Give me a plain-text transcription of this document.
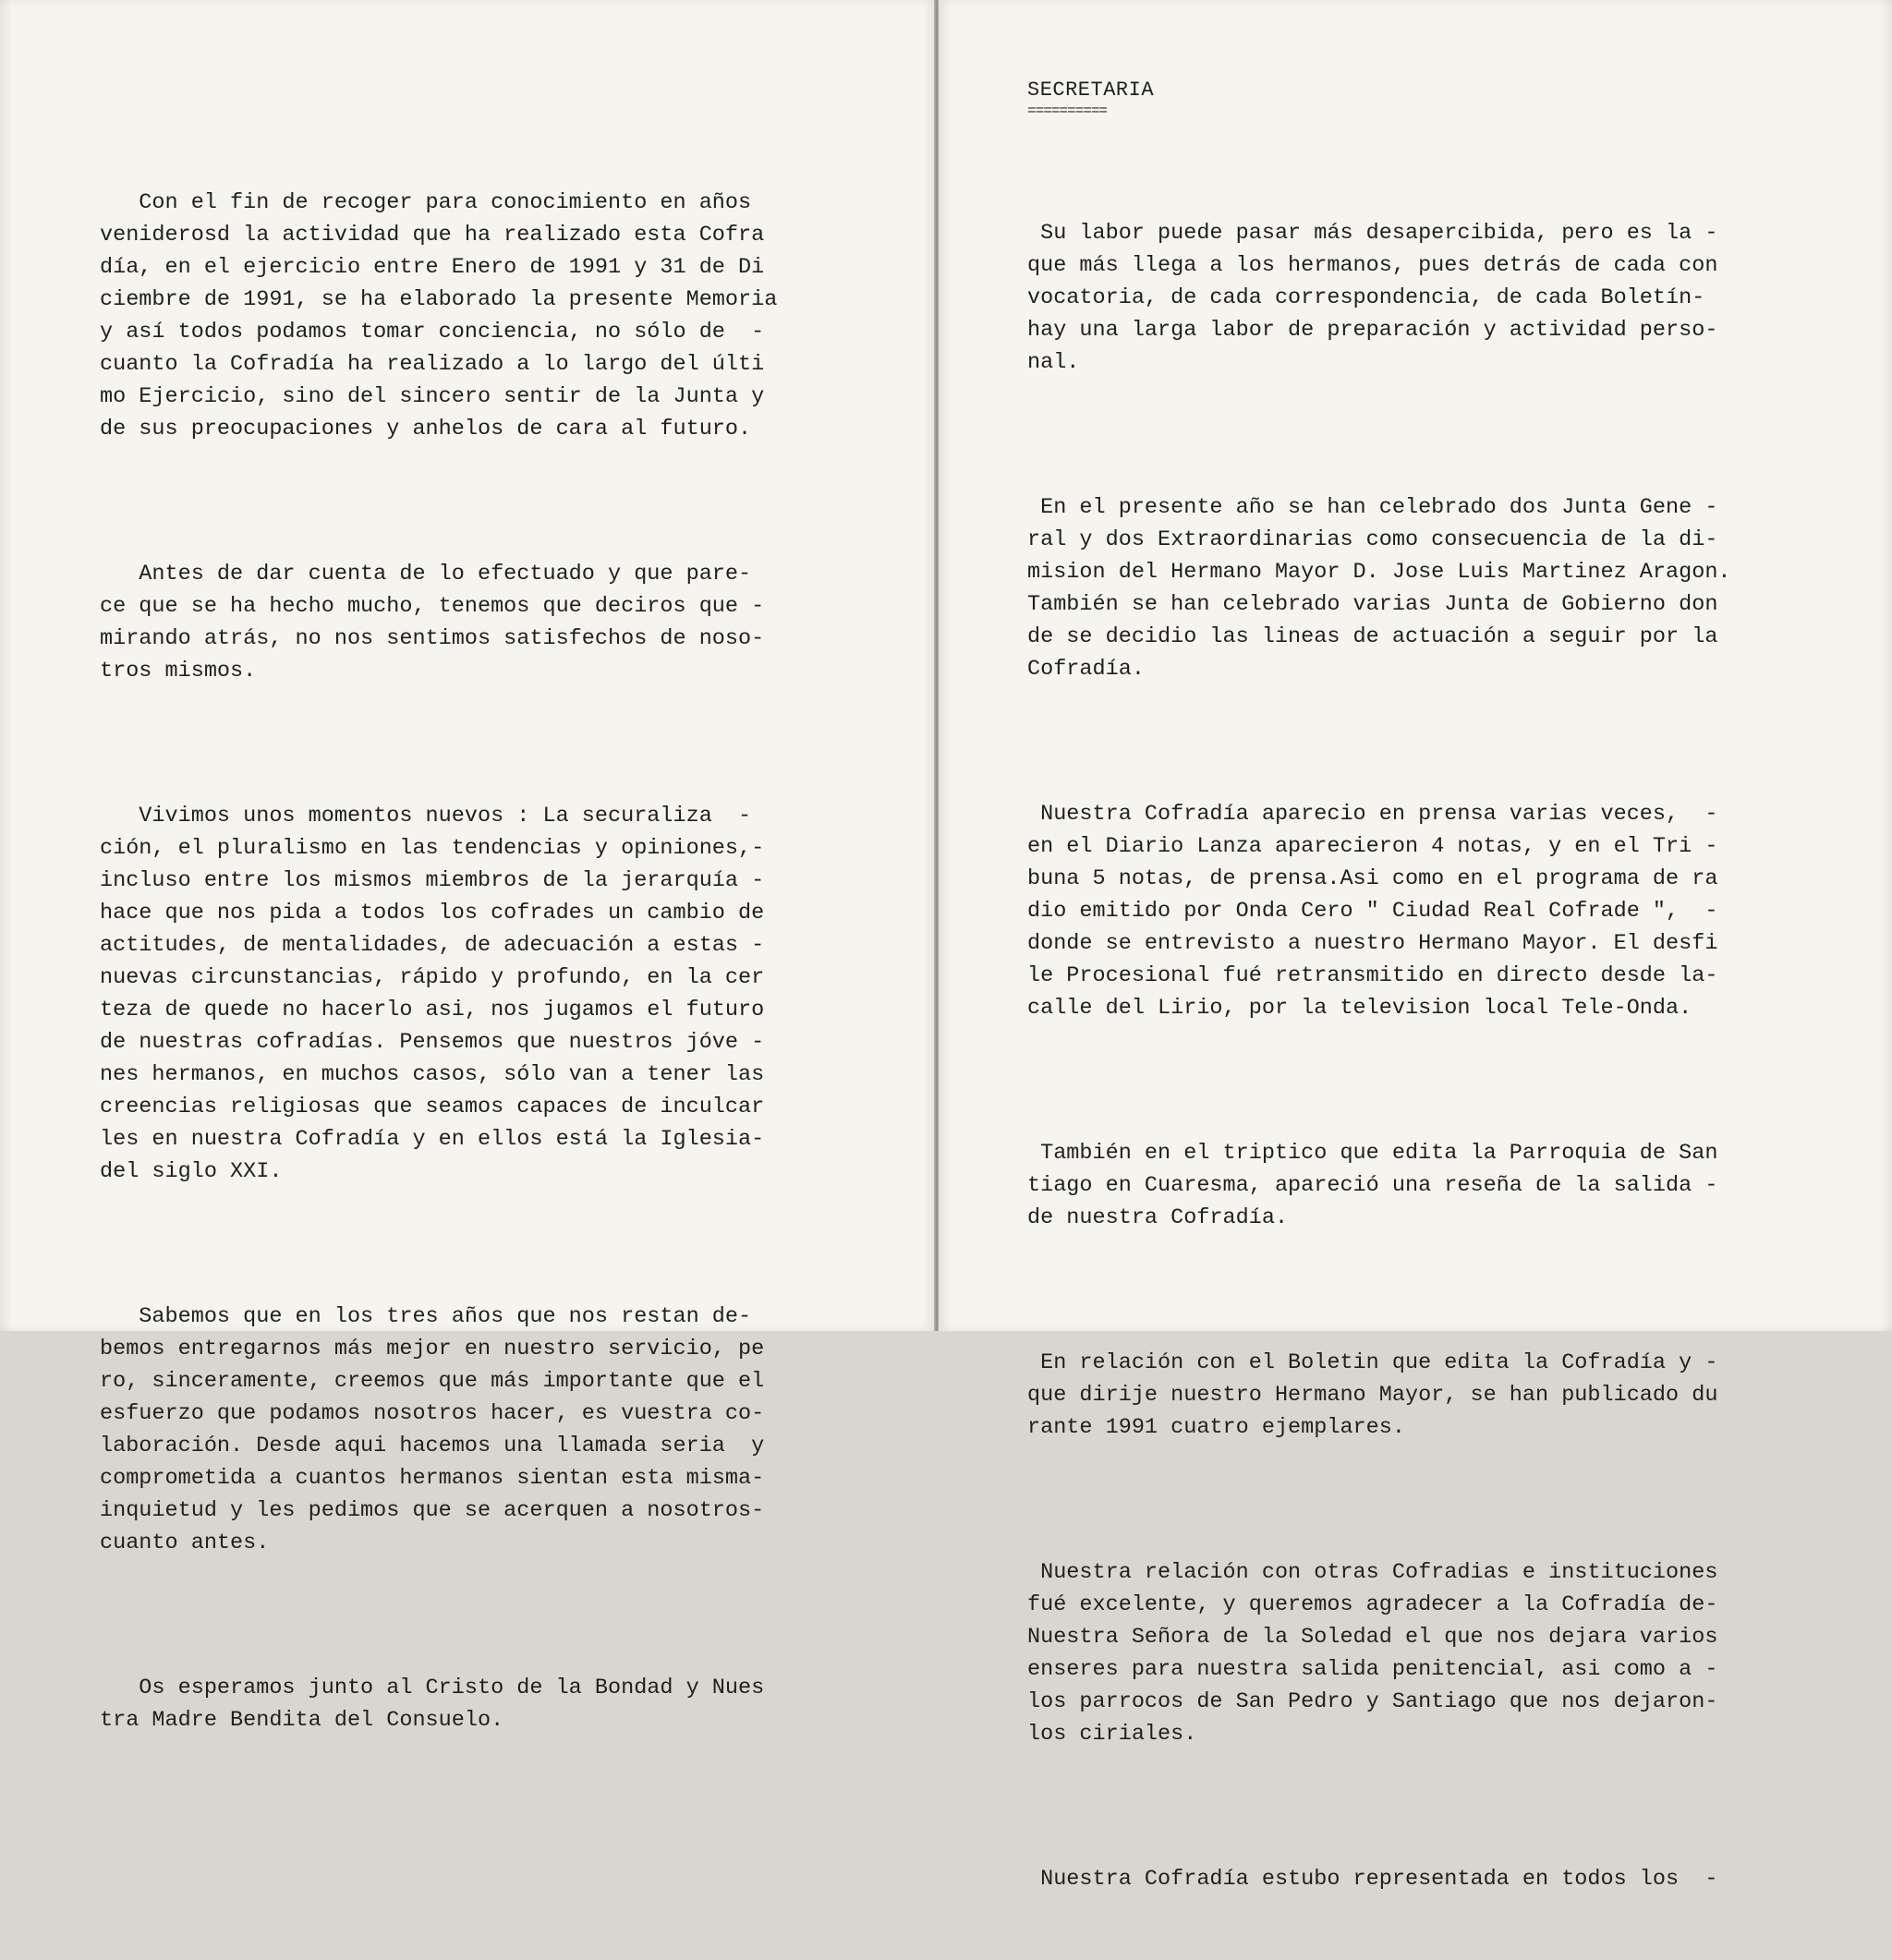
Con el fin de recoger para conocimiento en años
veniderosd la actividad que ha realizado esta Cofra
día, en el ejercicio entre Enero de 1991 y 31 de Di
ciembre de 1991, se ha elaborado la presente Memoria
y así todos podamos tomar conciencia, no sólo de  -
cuanto la Cofradía ha realizado a lo largo del últi
mo Ejercicio, sino del sincero sentir de la Junta y
de sus preocupaciones y anhelos de cara al futuro.

Antes de dar cuenta de lo efectuado y que pare-
ce que se ha hecho mucho, tenemos que deciros que -
mirando atrás, no nos sentimos satisfechos de noso-
tros mismos.

Vivimos unos momentos nuevos : La securaliza  -
ción, el pluralismo en las tendencias y opiniones,-
incluso entre los mismos miembros de la jerarquía -
hace que nos pida a todos los cofrades un cambio de
actitudes, de mentalidades, de adecuación a estas -
nuevas circunstancias, rápido y profundo, en la cer
teza de quede no hacerlo asi, nos jugamos el futuro
de nuestras cofradías. Pensemos que nuestros jóve -
nes hermanos, en muchos casos, sólo van a tener las
creencias religiosas que seamos capaces de inculcar
les en nuestra Cofradía y en ellos está la Iglesia-
del siglo XXI.

Sabemos que en los tres años que nos restan de-
bemos entregarnos más mejor en nuestro servicio, pe
ro, sinceramente, creemos que más importante que el
esfuerzo que podamos nosotros hacer, es vuestra co-
laboración. Desde aqui hacemos una llamada seria  y
comprometida a cuantos hermanos sientan esta misma-
inquietud y les pedimos que se acerquen a nosotros-
cuanto antes.

Os esperamos junto al Cristo de la Bondad y Nues
tra Madre Bendita del Consuelo.

SECRETARIA
==========

Su labor puede pasar más desapercibida, pero es la -
que más llega a los hermanos, pues detrás de cada con
vocatoria, de cada correspondencia, de cada Boletín-
hay una larga labor de preparación y actividad perso-
nal.

En el presente año se han celebrado dos Junta Gene -
ral y dos Extraordinarias como consecuencia de la di-
mision del Hermano Mayor D. Jose Luis Martinez Aragon.
También se han celebrado varias Junta de Gobierno don
de se decidio las lineas de actuación a seguir por la
Cofradía.

Nuestra Cofradía aparecio en prensa varias veces,  -
en el Diario Lanza aparecieron 4 notas, y en el Tri -
buna 5 notas, de prensa.Asi como en el programa de ra
dio emitido por Onda Cero " Ciudad Real Cofrade ",  -
donde se entrevisto a nuestro Hermano Mayor. El desfi
le Procesional fué retransmitido en directo desde la-
calle del Lirio, por la television local Tele-Onda.

También en el triptico que edita la Parroquia de San
tiago en Cuaresma, apareció una reseña de la salida -
de nuestra Cofradía.

En relación con el Boletin que edita la Cofradía y -
que dirije nuestro Hermano Mayor, se han publicado du
rante 1991 cuatro ejemplares.

Nuestra relación con otras Cofradias e instituciones
fué excelente, y queremos agradecer a la Cofradía de-
Nuestra Señora de la Soledad el que nos dejara varios
enseres para nuestra salida penitencial, asi como a -
los parrocos de San Pedro y Santiago que nos dejaron-
los ciriales.

Nuestra Cofradía estubo representada en todos los  -
